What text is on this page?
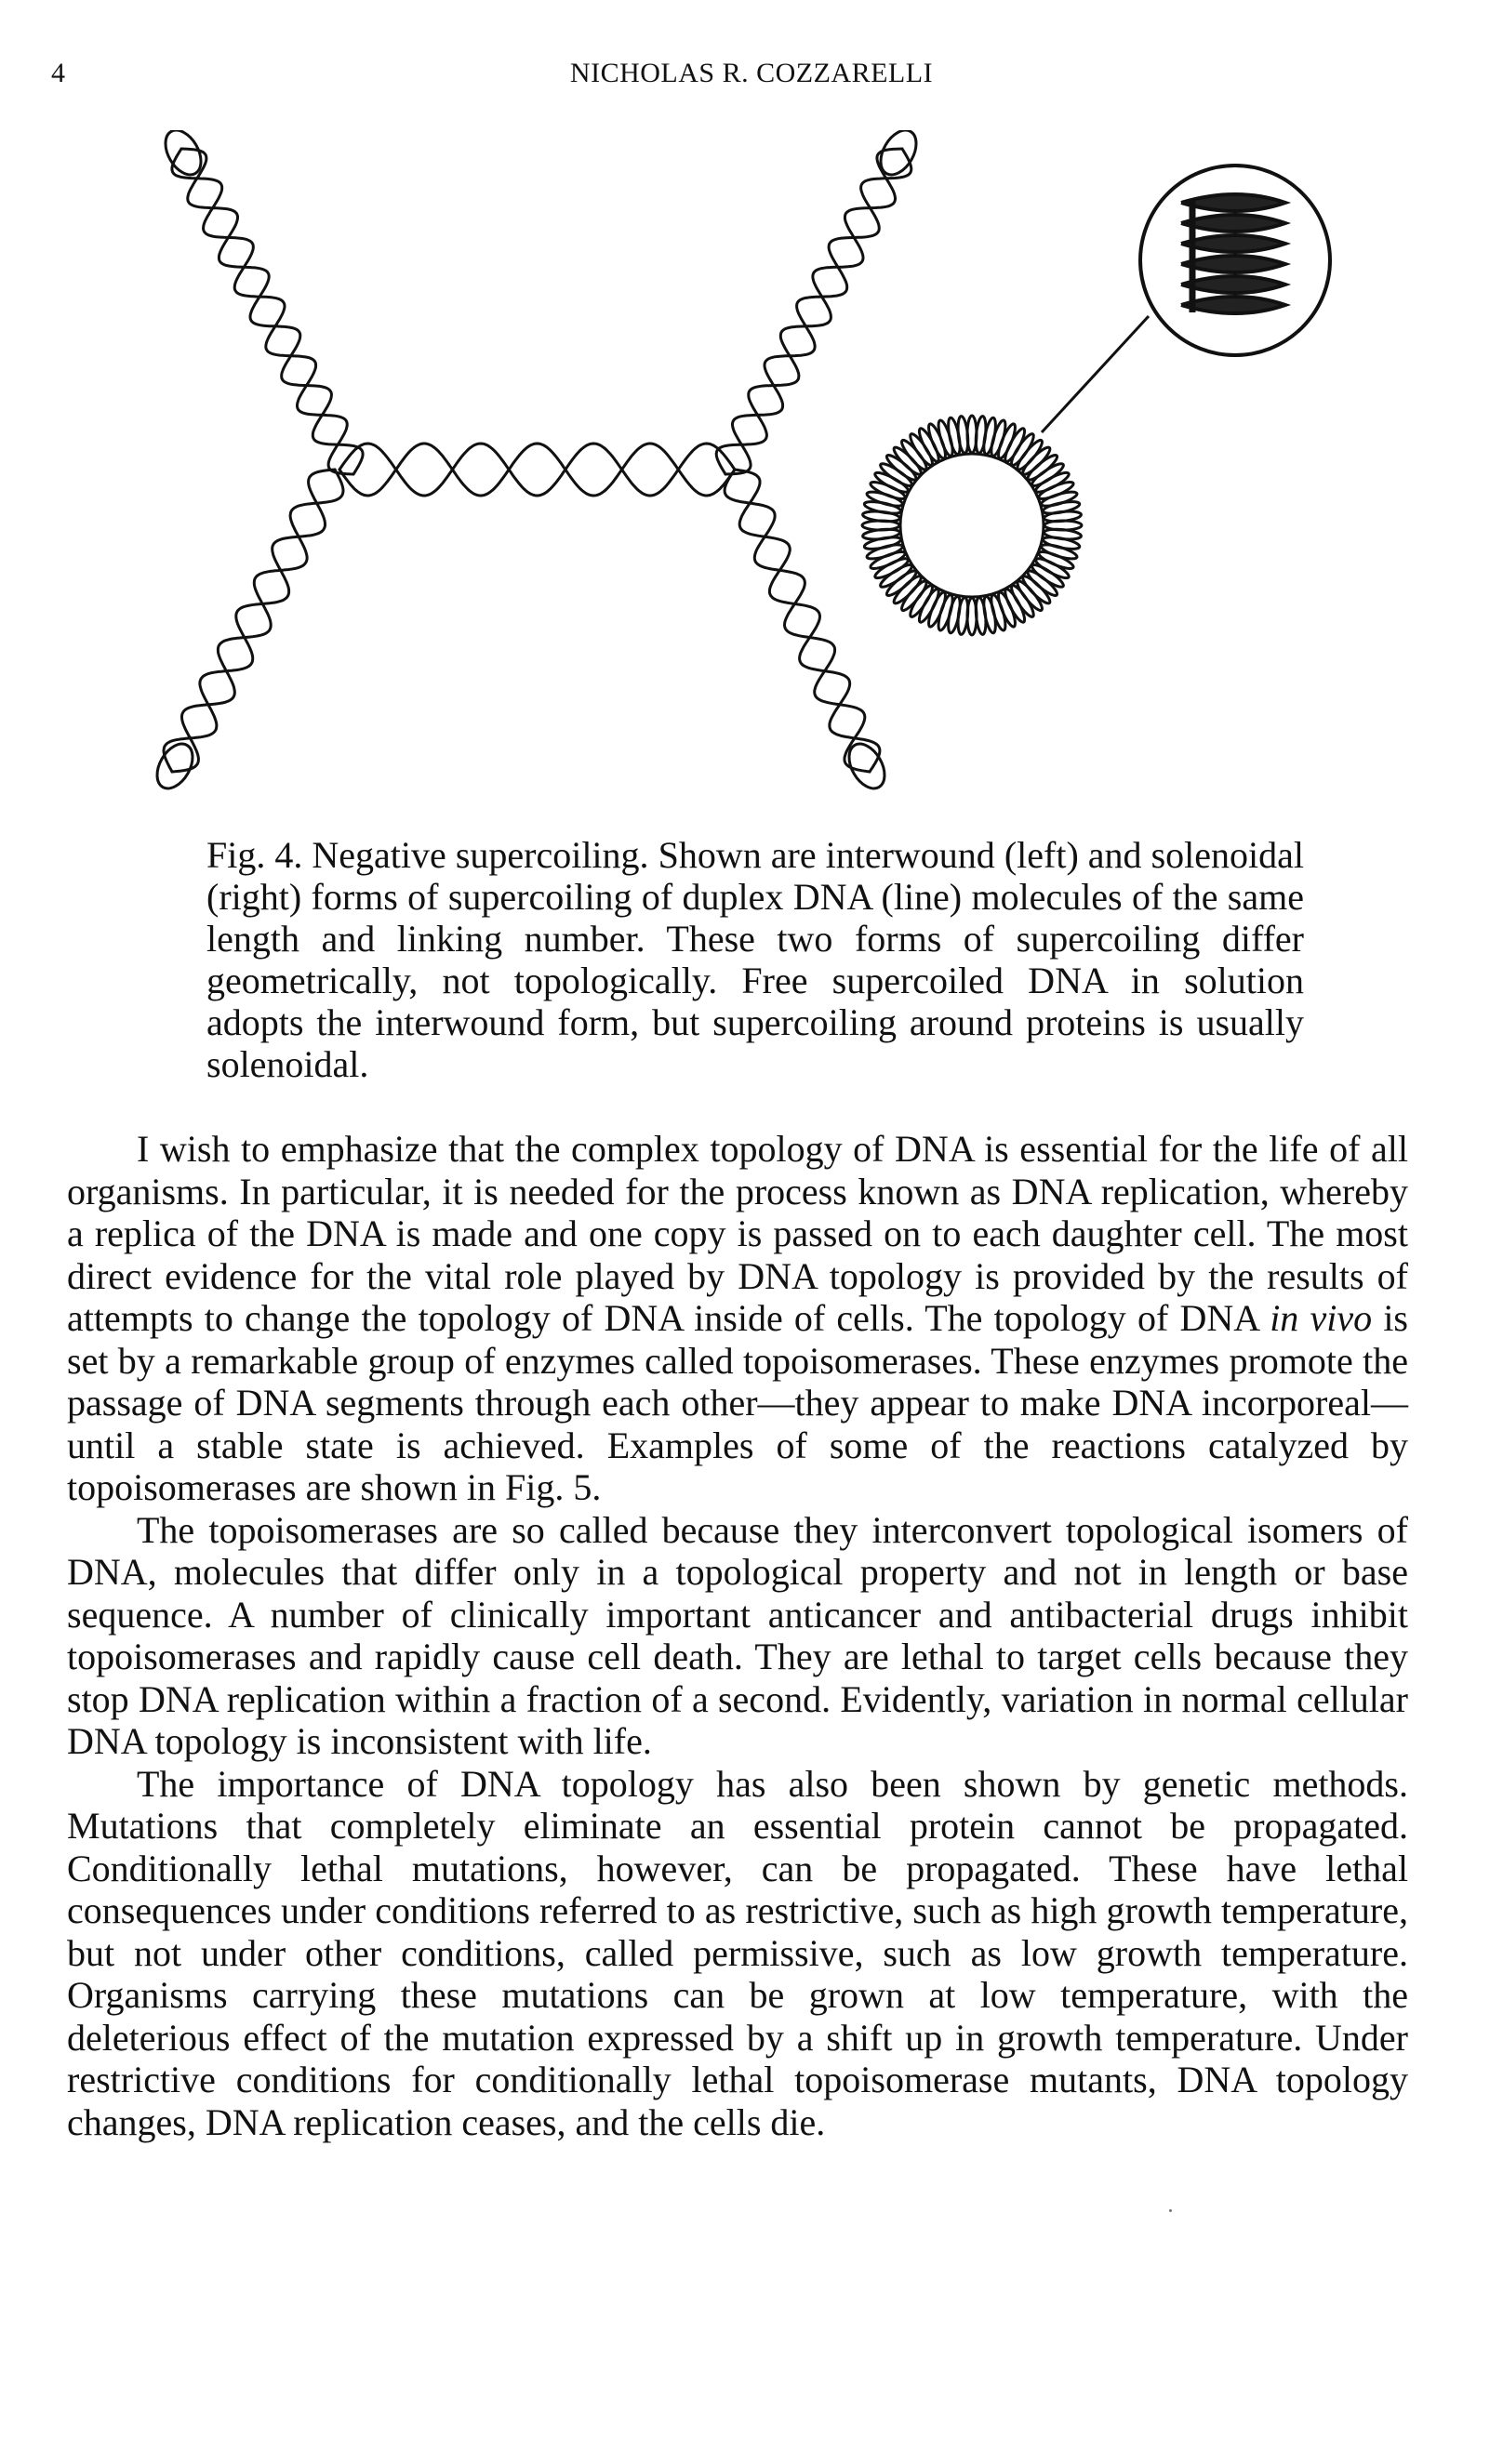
4	NICHOLAS R. COZZARELLI

Fig. 4. Negative supercoiling. Shown are interwound (left) and solenoidal (right) forms of supercoiling of duplex DNA (line) molecules of the same length and linking number. These two forms of supercoiling differ geometrically, not topologically. Free supercoiled DNA in solution adopts the interwound form, but supercoiling around proteins is usually solenoidal.

I wish to emphasize that the complex topology of DNA is essential for the life of all organisms. In particular, it is needed for the process known as DNA replication, whereby a replica of the DNA is made and one copy is passed on to each daughter cell. The most direct evidence for the vital role played by DNA topology is provided by the results of attempts to change the topology of DNA inside of cells. The topology of DNA in vivo is set by a remarkable group of enzymes called topoisomerases. These enzymes promote the passage of DNA segments through each other—they appear to make DNA incorporeal—until a stable state is achieved. Examples of some of the reactions catalyzed by topoisomerases are shown in Fig. 5.

The topoisomerases are so called because they interconvert topological isomers of DNA, molecules that differ only in a topological property and not in length or base sequence. A number of clinically important anticancer and antibacterial drugs inhibit topoisomerases and rapidly cause cell death. They are lethal to target cells because they stop DNA replication within a fraction of a second. Evidently, variation in normal cellular DNA topology is inconsistent with life.

The importance of DNA topology has also been shown by genetic methods. Mutations that completely eliminate an essential protein cannot be propagated. Conditionally lethal mutations, however, can be propagated. These have lethal consequences under conditions referred to as restrictive, such as high growth temperature, but not under other conditions, called permissive, such as low growth temperature. Organisms carrying these mutations can be grown at low temperature, with the deleterious effect of the mutation expressed by a shift up in growth temperature. Under restrictive conditions for conditionally lethal topoisomerase mutants, DNA topology changes, DNA replication ceases, and the cells die.
